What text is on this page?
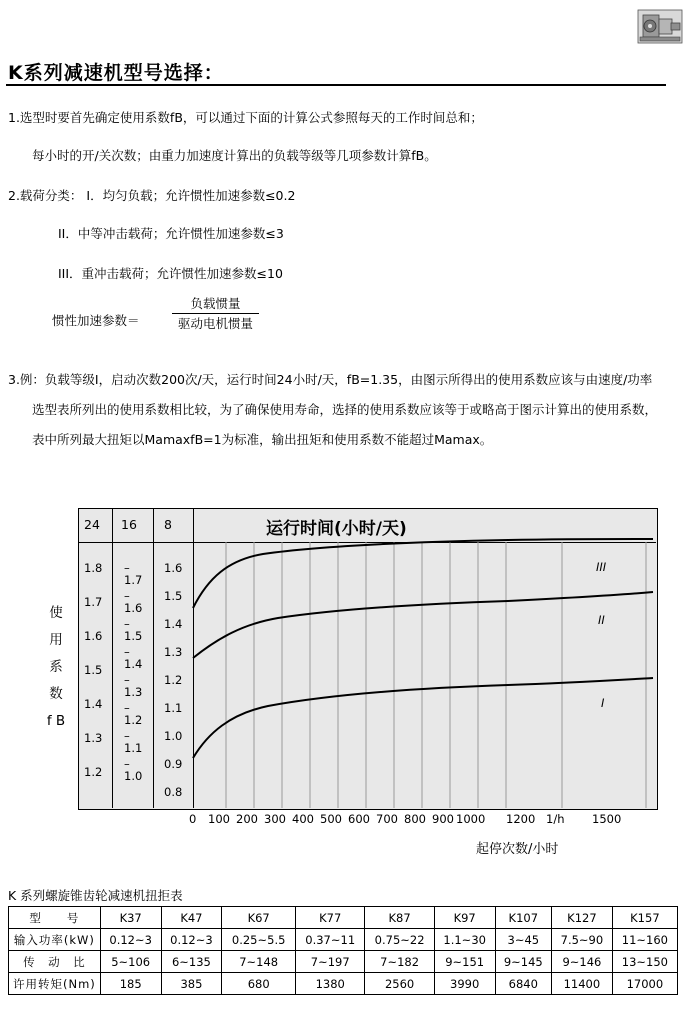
K系列减速机型号选择：
1.选型时要首先确定使用系数fB，可以通过下面的计算公式参照每天的工作时间总和；
每小时的开/关次数；由重力加速度计算出的负载等级等几项参数计算fB。
2.载荷分类： I．均匀负载；允许惯性加速参数≤0.2
II．中等冲击载荷；允许惯性加速参数≤3
III．重冲击载荷；允许惯性加速参数≤10
惯性加速参数＝
负载惯量
驱动电机惯量
3.例：负载等级I，启动次数200次/天，运行时间24小时/天，fB=1.35，由图示所得出的使用系数应该与由速度/功率
选型表所列出的使用系数相比较，为了确保使用寿命，选择的使用系数应该等于或略高于图示计算出的使用系数，
表中所列最大扭矩以MamaxfB=1为标准，输出扭矩和使用系数不能超过Mamax。
运行时间(小时/天)
24 16 8
使
用
系
数
f B
1.8
1.7
1.6
1.5
1.4
1.3
1.2
–1.7
–1.6
–1.5
–1.4
–1.3
–1.2
–1.1
–1.0
1.6
1.5
1.4
1.3
1.2
1.1
1.0
0.9
0.8
III
II
I
0 100 200 300 400 500 600 700 800 900 1000 1200	1500
1/h
起停次数/小时
K 系列螺旋锥齿轮减速机扭拒表
型　　号	K37	K47	K67	K77	K87	K97	K107	K127	K157
输入功率(kW)	0.12~3	0.12~3	0.25~5.5	0.37~11	0.75~22	1.1~30	3~45	7.5~90	11~160
传　动　比	5~106	6~135	7~148	7~197	7~182	9~151	9~145	9~146	13~150
许用转矩(Nm)	185	385	680	1380	2560	3990	6840	11400	17000
